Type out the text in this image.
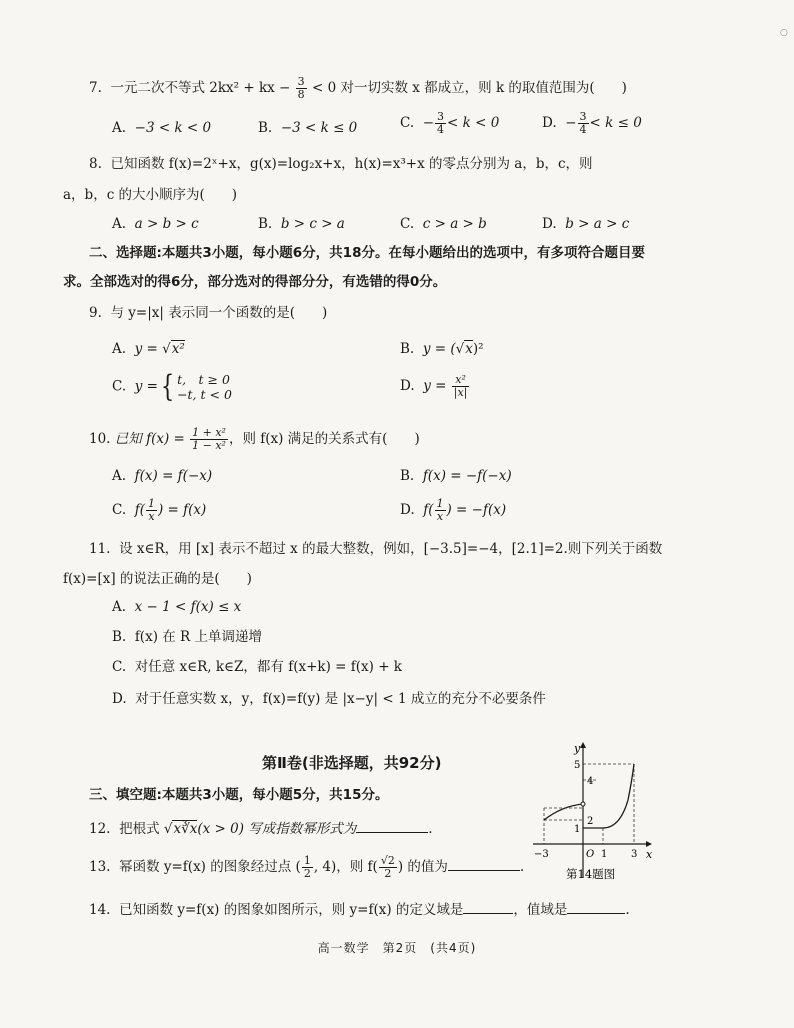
○
7. 一元二次不等式 2kx² + kx − $\frac{3}{8} < 0$ 对一切实数 x 都成立，则 k 的取值范围为(　　)
A. −3 < k < 0	B. −3 < k ≤ 0	C. − $\frac{3}{4} < k < 0$	D. − $\frac{3}{4} < k \le 0$
8. 已知函数 f(x)=2ˣ+x，g(x)=log₂x+x，h(x)=x³+x 的零点分别为 a，b，c，则
a，b，c 的大小顺序为(　　)
A. a > b > c	B. b > c > a	C. c > a > b	D. b > a > c
二、选择题:本题共3小题，每小题6分，共18分。在每小题给出的选项中，有多项符合题目要
求。全部选对的得6分，部分选对的得部分分，有选错的得0分。
9. 与 y=|x| 表示同一个函数的是(　　)
A. y = √x²	B. y = (√x)²
C. y ={ t,　t ≥ 0
−t, t < 0
D. $y = \frac{\text{x²}}{|x|}$
10. 已知 $f(x) = \frac{\text{1 + x²}}{\text{1 − x²}}$ ，则 f(x) 满足的关系式有(　　)
A. f(x) = f(−x)	B. f(x) = −f(−x)
C. $f( \frac{1}{x}$ ) = f(x)	D. $f( \frac{1}{x}$ ) = −f(x)
11. 设 x∈R，用 [x] 表示不超过 x 的最大整数，例如，[−3.5]=−4，[2.1]=2.则下列关于函数
f(x)=[x] 的说法正确的是(　　)
A. x − 1 < f(x) ≤ x
B. f(x) 在 R 上单调递增
C. 对任意 x∈R, k∈Z，都有 f(x+k) = f(x) + k
D. 对于任意实数 x，y，f(x)=f(y) 是 |x−y| < 1 成立的充分不必要条件
第Ⅱ卷(非选择题，共92分)
三、填空题:本题共3小题，每小题5分，共15分。
12. 把根式 √x∛x(x > 0) 写成指数幂形式为	.
13. 幂函数 y=f(x) 的图象经过点 ( $\frac{1}{2}$ , 4)，则 $f( \frac{√2}{2}$ ) 的值为	.
14. 已知函数 y=f(x) 的图象如图所示，则 y=f(x) 的定义域是	，值域是	.
y
x
O
−3	1 3
5
4
2
1
第14题图
高一数学　第2页　(共4页)
